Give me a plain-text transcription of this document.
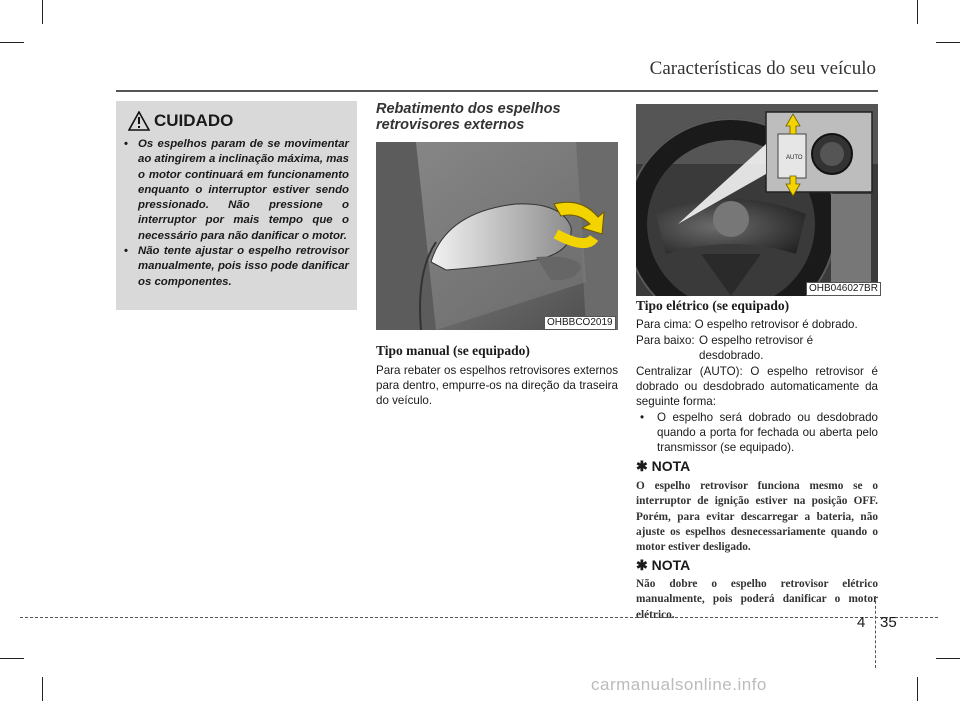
Características do seu veículo
CUIDADO
• Os espelhos param de se movimentar ao atingirem a inclinação máxima, mas o motor continuará em funcionamento enquanto o interruptor estiver sendo pressionado. Não pressione o interruptor por mais tempo que o necessário para não danificar o motor.
• Não tente ajustar o espelho retrovisor manualmente, pois isso pode danificar os componentes.
Rebatimento dos espelhos retrovisores externos
OHBBCO2019
Tipo manual (se equipado)
Para rebater os espelhos retrovisores externos para dentro, empurre-os na direção da traseira do veículo.
AUTO
OHB046027BR
Tipo elétrico (se equipado)
Para cima: O espelho retrovisor é dobrado.
Para baixo: O espelho retrovisor é desdobrado.
Centralizar (AUTO): O espelho retrovisor é dobrado ou desdobrado automaticamente da seguinte forma:
• O espelho será dobrado ou desdobrado quando a porta for fechada ou aberta pelo transmissor (se equipado).
✱ NOTA
O espelho retrovisor funciona mesmo se o interruptor de ignição estiver na posição OFF. Porém, para evitar descarregar a bateria, não ajuste os espelhos desnecessariamente quando o motor estiver desligado.
✱ NOTA
Não dobre o espelho retrovisor elétrico manualmente, pois poderá danificar o motor elétrico.	4 35
carmanualsonline.info
